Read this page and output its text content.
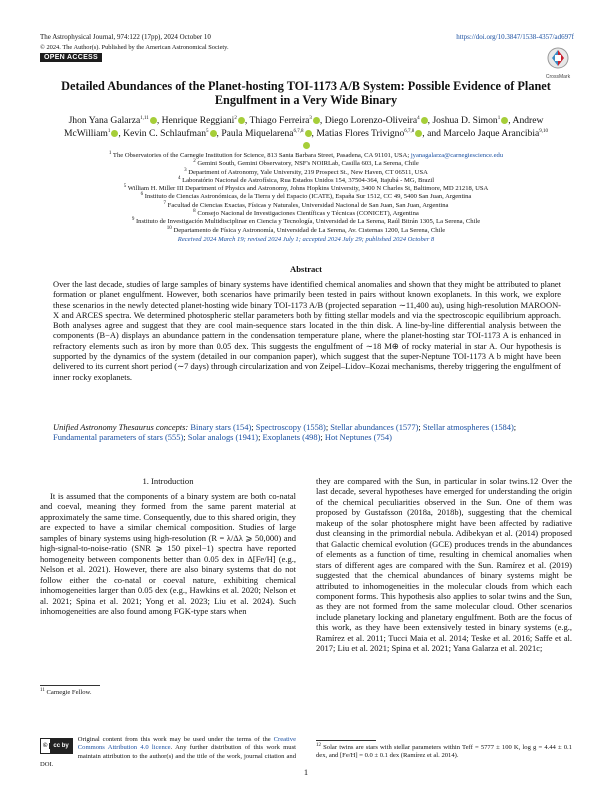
The Astrophysical Journal, 974:122 (17pp), 2024 October 10	https://doi.org/10.3847/1538-4357/ad697f
© 2024. The Author(s). Published by the American Astronomical Society.
OPEN ACCESS
CrossMark
Detailed Abundances of the Planet-hosting TOI-1173 A/B System: Possible Evidence of Planet Engulfment in a Very Wide Binary
Jhon Yana Galarza$^{1,11}$ , Henrique Reggiani$^2$ , Thiago Ferreira$^3$ , Diego Lorenzo-Oliveira$^4$ , Joshua D. Simon$^1$ , Andrew McWilliam$^1$ , Kevin C. Schlaufman$^5$ , Paula Miquelarena$^{6,7,8}$ , Matias Flores Trivigno$^{6,7,8}$ , and Marcelo Jaque Arancibia$^{9,10}$
$^1$ The Observatories of the Carnegie Institution for Science, 813 Santa Barbara Street, Pasadena, CA 91101, USA; jyanagalarza@carnegiescience.edu
$^2$ Gemini South, Gemini Observatory, NSF's NOIRLab, Casilla 603, La Serena, Chile
$^3$ Department of Astronomy, Yale University, 219 Prospect St., New Haven, CT 06511, USA
$^4$ Laboratório Nacional de Astrofísica, Rua Estados Unidos 154, 37504-364, Itajubá - MG, Brazil
$^5$ William H. Miller III Department of Physics and Astronomy, Johns Hopkins University, 3400 N Charles St, Baltimore, MD 21218, USA
$^6$ Instituto de Ciencias Astronómicas, de la Tierra y del Espacio (ICATE), España Sur 1512, CC 49, 5400 San Juan, Argentina
$^7$ Facultad de Ciencias Exactas, Físicas y Naturales, Universidad Nacional de San Juan, San Juan, Argentina
$^8$ Consejo Nacional de Investigaciones Científicas y Técnicas (CONICET), Argentina
$^9$ Instituto de Investigación Multidisciplinar en Ciencia y Tecnología, Universidad de La Serena, Raúl Bitrán 1305, La Serena, Chile
$^{10}$ Departamento de Física y Astronomía, Universidad de La Serena, Av. Cisternas 1200, La Serena, Chile
Received 2024 March 19; revised 2024 July 1; accepted 2024 July 29; published 2024 October 8
Abstract
Over the last decade, studies of large samples of binary systems have identified chemical anomalies and shown that they might be attributed to planet formation or planet engulfment. However, both scenarios have primarily been tested in pairs without known exoplanets. In this work, we explore these scenarios in the newly detected planet-hosting wide binary TOI-1173 A/B (projected separation ∼11,400 au), using high-resolution MAROON-X and ARCES spectra. We determined photospheric stellar parameters both by fitting stellar models and via the spectroscopic equilibrium approach. Both analyses agree and suggest that they are cool main-sequence stars located in the thin disk. A line-by-line differential analysis between the components (B−A) displays an abundance pattern in the condensation temperature plane, where the planet-hosting star TOI-1173 A is enhanced in refractory elements such as iron by more than 0.05 dex. This suggests the engulfment of ∼18 M⊕ of rocky material in star A. Our hypothesis is supported by the dynamics of the system (detailed in our companion paper), which suggest that the super-Neptune TOI-1173 A b might have been delivered to its current short period (∼7 days) through circularization and von Zeipel–Lidov–Kozai mechanisms, thereby triggering the engulfment of inner rocky exoplanets.
Unified Astronomy Thesaurus concepts: Binary stars (154); Spectroscopy (1558); Stellar abundances (1577); Stellar atmospheres (1584); Fundamental parameters of stars (555); Solar analogs (1941); Exoplanets (498); Hot Neptunes (754)
1. Introduction
It is assumed that the components of a binary system are both co-natal and coeval, meaning they formed from the same parent material at approximately the same time. Consequently, due to this shared origin, they are expected to have a similar chemical composition. Studies of large samples of binary systems using high-resolution (R = λ/Δλ ⩾ 50,000) and high-signal-to-noise-ratio (SNR ⩾ 150 pixel−1) spectra have reported homogeneity between components better than 0.05 dex in Δ[Fe/H] (e.g., Nelson et al. 2021). However, there are also binary systems that do not follow either the co-natal or coeval nature, exhibiting chemical inhomogeneities larger than 0.05 dex (e.g., Hawkins et al. 2020; Nelson et al. 2021; Spina et al. 2021; Yong et al. 2023; Liu et al. 2024). Such inhomogeneities are also found among FGK-type stars when
$^{11}$ Carnegie Fellow.
©	cc by
Original content from this work may be used under the terms of the Creative Commons Attribution 4.0 licence. Any further distribution of this work must maintain attribution to the author(s) and the title of the work, journal citation and DOI.
they are compared with the Sun, in particular in solar twins.12 Over the last decade, several hypotheses have emerged for understanding the origin of the chemical peculiarities observed in the Sun. One of them was proposed by Gustafsson (2018a, 2018b), suggesting that the chemical makeup of the solar photosphere might have been affected by radiative dust cleansing in the primordial nebula. Adibekyan et al. (2014) proposed that Galactic chemical evolution (GCE) produces trends in the abundances of elements as a function of time, resulting in chemical anomalies when stars of different ages are compared with the Sun. Ramírez et al. (2019) suggested that the chemical abundances of binary systems might be attributed to inhomogeneities in the molecular clouds from which each component forms. This hypothesis also applies to solar twins and the Sun, as they are not formed from the same molecular cloud. Other scenarios include planetary locking and planetary engulfment. Both are the focus of this work, as they have been extensively tested in binary systems (e.g., Ramírez et al. 2011; Tucci Maia et al. 2014; Teske et al. 2016; Saffe et al. 2017; Liu et al. 2021; Spina et al. 2021; Yana Galarza et al. 2021c;
$^{12}$ Solar twins are stars with stellar parameters within Teff = 5777 ± 100 K, log g = 4.44 ± 0.1 dex, and [Fe/H] = 0.0 ± 0.1 dex (Ramírez et al. 2014).
1
